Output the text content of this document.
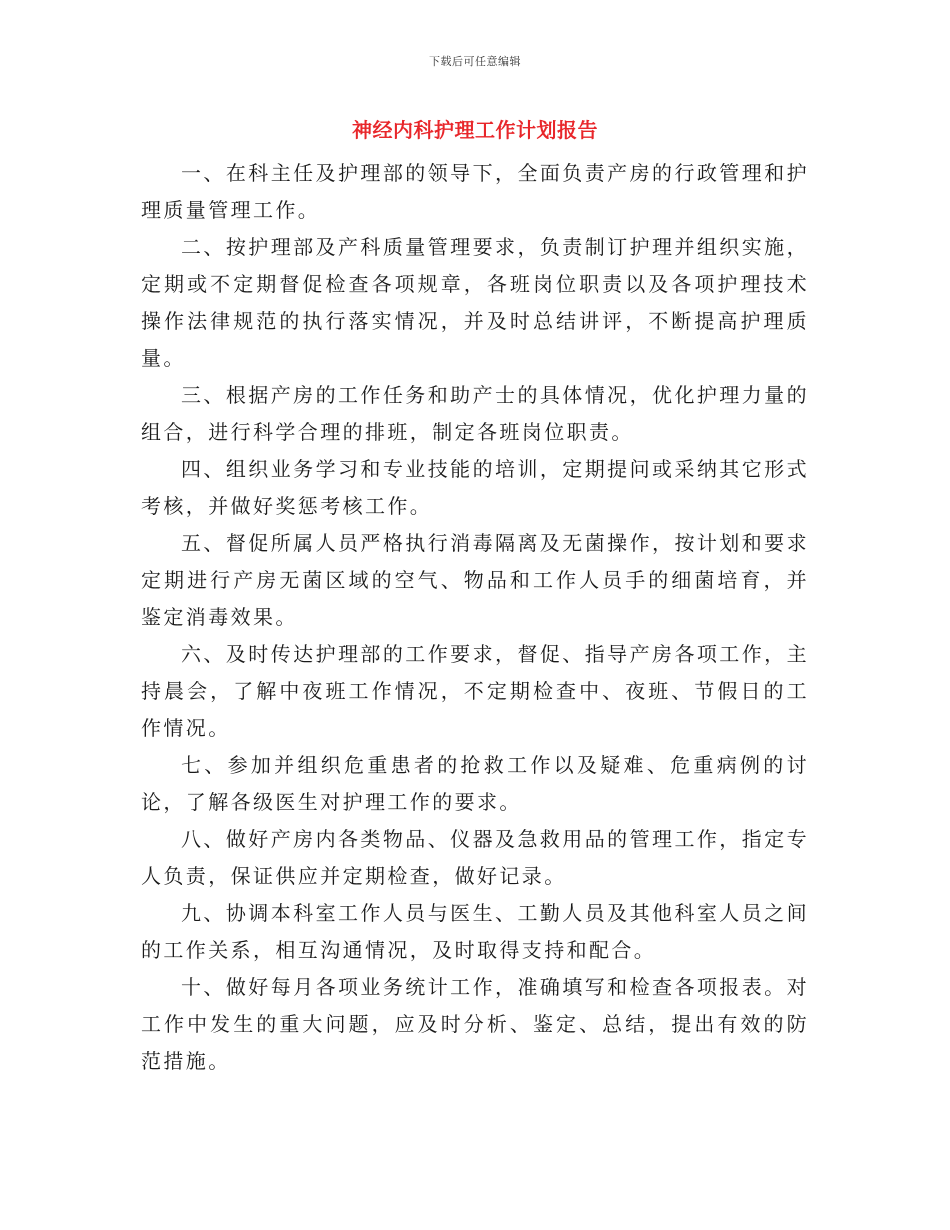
下载后可任意编辑
神经内科护理工作计划报告

一、在科主任及护理部的领导下，全面负责产房的行政管理和护理质量管理工作。

二、按护理部及产科质量管理要求，负责制订护理并组织实施，定期或不定期督促检查各项规章，各班岗位职责以及各项护理技术操作法律规范的执行落实情况，并及时总结讲评，不断提高护理质量。

三、根据产房的工作任务和助产士的具体情况，优化护理力量的组合，进行科学合理的排班，制定各班岗位职责。

四、组织业务学习和专业技能的培训，定期提问或采纳其它形式考核，并做好奖惩考核工作。

五、督促所属人员严格执行消毒隔离及无菌操作，按计划和要求定期进行产房无菌区域的空气、物品和工作人员手的细菌培育，并鉴定消毒效果。

六、及时传达护理部的工作要求，督促、指导产房各项工作，主持晨会，了解中夜班工作情况，不定期检查中、夜班、节假日的工作情况。

七、参加并组织危重患者的抢救工作以及疑难、危重病例的讨论，了解各级医生对护理工作的要求。

八、做好产房内各类物品、仪器及急救用品的管理工作，指定专人负责，保证供应并定期检查，做好记录。

九、协调本科室工作人员与医生、工勤人员及其他科室人员之间的工作关系，相互沟通情况，及时取得支持和配合。

十、做好每月各项业务统计工作，准确填写和检查各项报表。对工作中发生的重大问题，应及时分析、鉴定、总结，提出有效的防范措施。
